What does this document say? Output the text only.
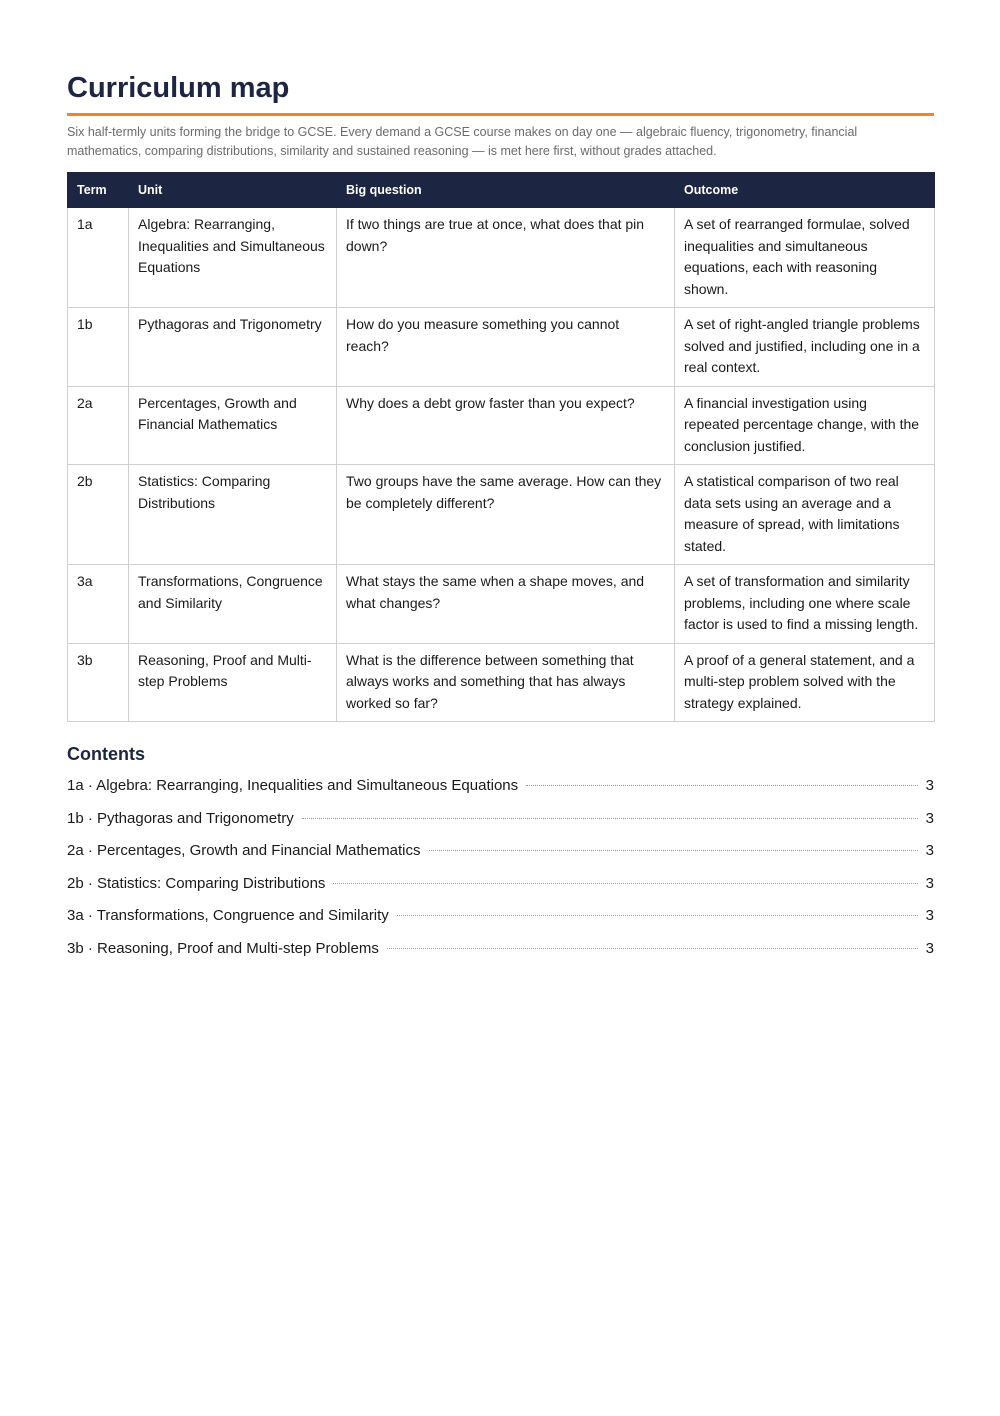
Curriculum map

Six half-termly units forming the bridge to GCSE. Every demand a GCSE course makes on day one — algebraic fluency, trigonometry, financial mathematics, comparing distributions, similarity and sustained reasoning — is met here first, without grades attached.

Term	Unit	Big question	Outcome
1a	Algebra: Rearranging, Inequalities and Simultaneous Equations	If two things are true at once, what does that pin down?	A set of rearranged formulae, solved inequalities and simultaneous equations, each with reasoning shown.
1b	Pythagoras and Trigonometry	How do you measure something you cannot reach?	A set of right-angled triangle problems solved and justified, including one in a real context.
2a	Percentages, Growth and Financial Mathematics	Why does a debt grow faster than you expect?	A financial investigation using repeated percentage change, with the conclusion justified.
2b	Statistics: Comparing Distributions	Two groups have the same average. How can they be completely different?	A statistical comparison of two real data sets using an average and a measure of spread, with limitations stated.
3a	Transformations, Congruence and Similarity	What stays the same when a shape moves, and what changes?	A set of transformation and similarity problems, including one where scale factor is used to find a missing length.
3b	Reasoning, Proof and Multi-step Problems	What is the difference between something that always works and something that has always worked so far?	A proof of a general statement, and a multi-step problem solved with the strategy explained.
Contents
1a · Algebra: Rearranging, Inequalities and Simultaneous Equations	3
1b · Pythagoras and Trigonometry	3
2a · Percentages, Growth and Financial Mathematics	3
2b · Statistics: Comparing Distributions	3
3a · Transformations, Congruence and Similarity	3
3b · Reasoning, Proof and Multi-step Problems	3
